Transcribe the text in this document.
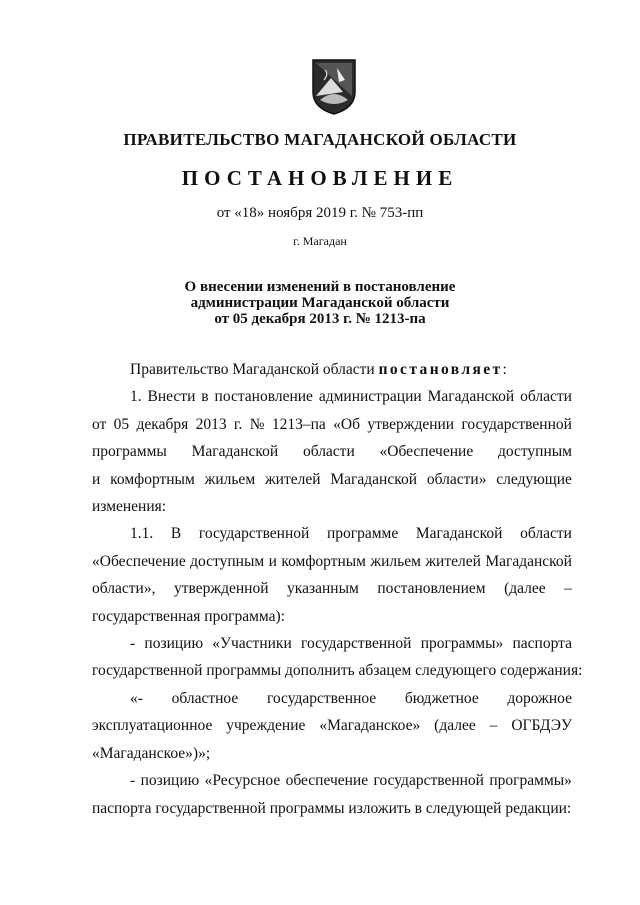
ПРАВИТЕЛЬСТВО МАГАДАНСКОЙ ОБЛАСТИ
ПОСТАНОВЛЕНИЕ
от «18» ноября 2019 г. № 753-пп
г. Магадан
О внесении изменений в постановление
администрации Магаданской области
от 05 декабря 2013 г. № 1213-па
Правительство Магаданской области постановляет:
1. Внести в постановление администрации Магаданской области
от 05 декабря 2013 г. № 1213–па «Об утверждении государственной
программы Магаданской области «Обеспечение доступным
и комфортным жильем жителей Магаданской области» следующие
изменения:
1.1. В государственной программе Магаданской области
«Обеспечение доступным и комфортным жильем жителей Магаданской
области», утвержденной указанным постановлением (далее –
государственная программа):
- позицию «Участники государственной программы» паспорта
государственной программы дополнить абзацем следующего содержания:
«- областное государственное бюджетное дорожное
эксплуатационное учреждение «Магаданское» (далее – ОГБДЭУ
«Магаданское»)»;
- позицию «Ресурсное обеспечение государственной программы»
паспорта государственной программы изложить в следующей редакции:
